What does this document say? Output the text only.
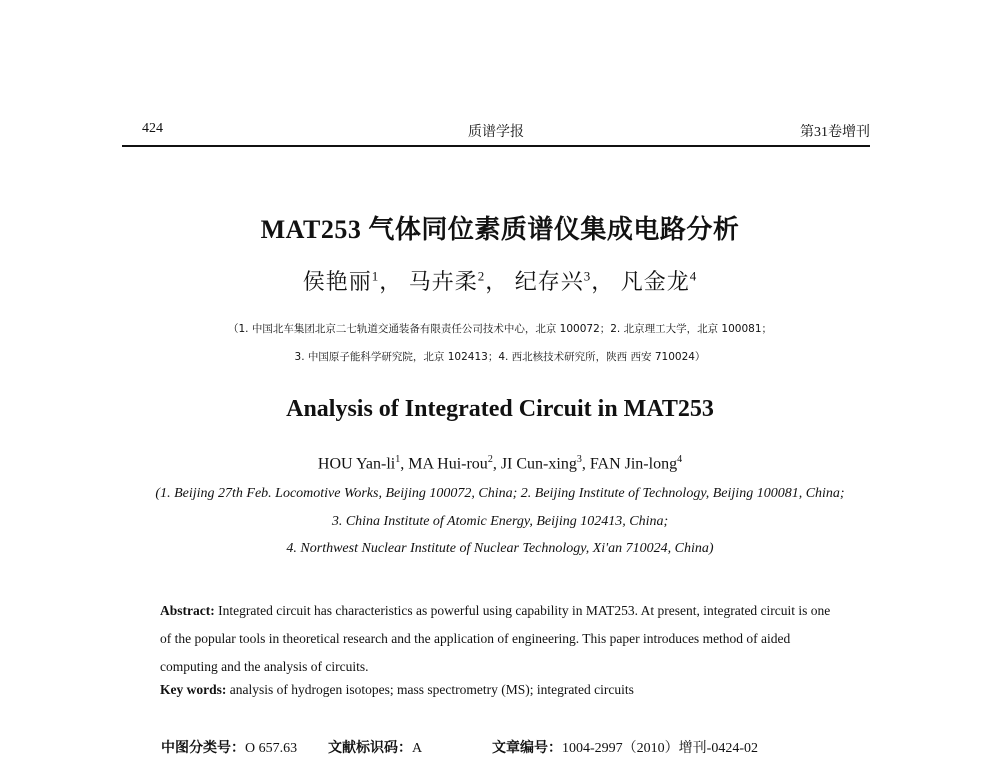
424	质谱学报	第31卷增刊
MAT253 气体同位素质谱仪集成电路分析
侯艳丽$^1$， 马卉柔$^2$， 纪存兴$^3$， 凡金龙$^4$
（1. 中国北车集团北京二七轨道交通装备有限责任公司技术中心，北京 100072；2. 北京理工大学，北京 100081；
3. 中国原子能科学研究院，北京 102413；4. 西北核技术研究所，陕西 西安 710024）
Analysis of Integrated Circuit in MAT253
HOU Yan-$li^1$, MA Hui-rou$^2$, JI Cun-xing$^3$, FAN Jin-long$^4$
(1. Beijing 27th Feb. Locomotive Works, Beijing 100072, China; 2. Beijing Institute of Technology, Beijing 100081, China;
3. China Institute of Atomic Energy, Beijing 102413, China;
4. Northwest Nuclear Institute of Nuclear Technology, Xi'an 710024, China)
Abstract: Integrated circuit has characteristics as powerful using capability in MAT253. At present, integrated circuit is one of the popular tools in theoretical research and the application of engineering. This paper introduces method of aided computing and the analysis of circuits.
Key words: analysis of hydrogen isotopes; mass spectrometry (MS); integrated circuits
中图分类号：O 657.63 文献标识码：A	文章编号：1004-2997（2010）增刊-0424-02
